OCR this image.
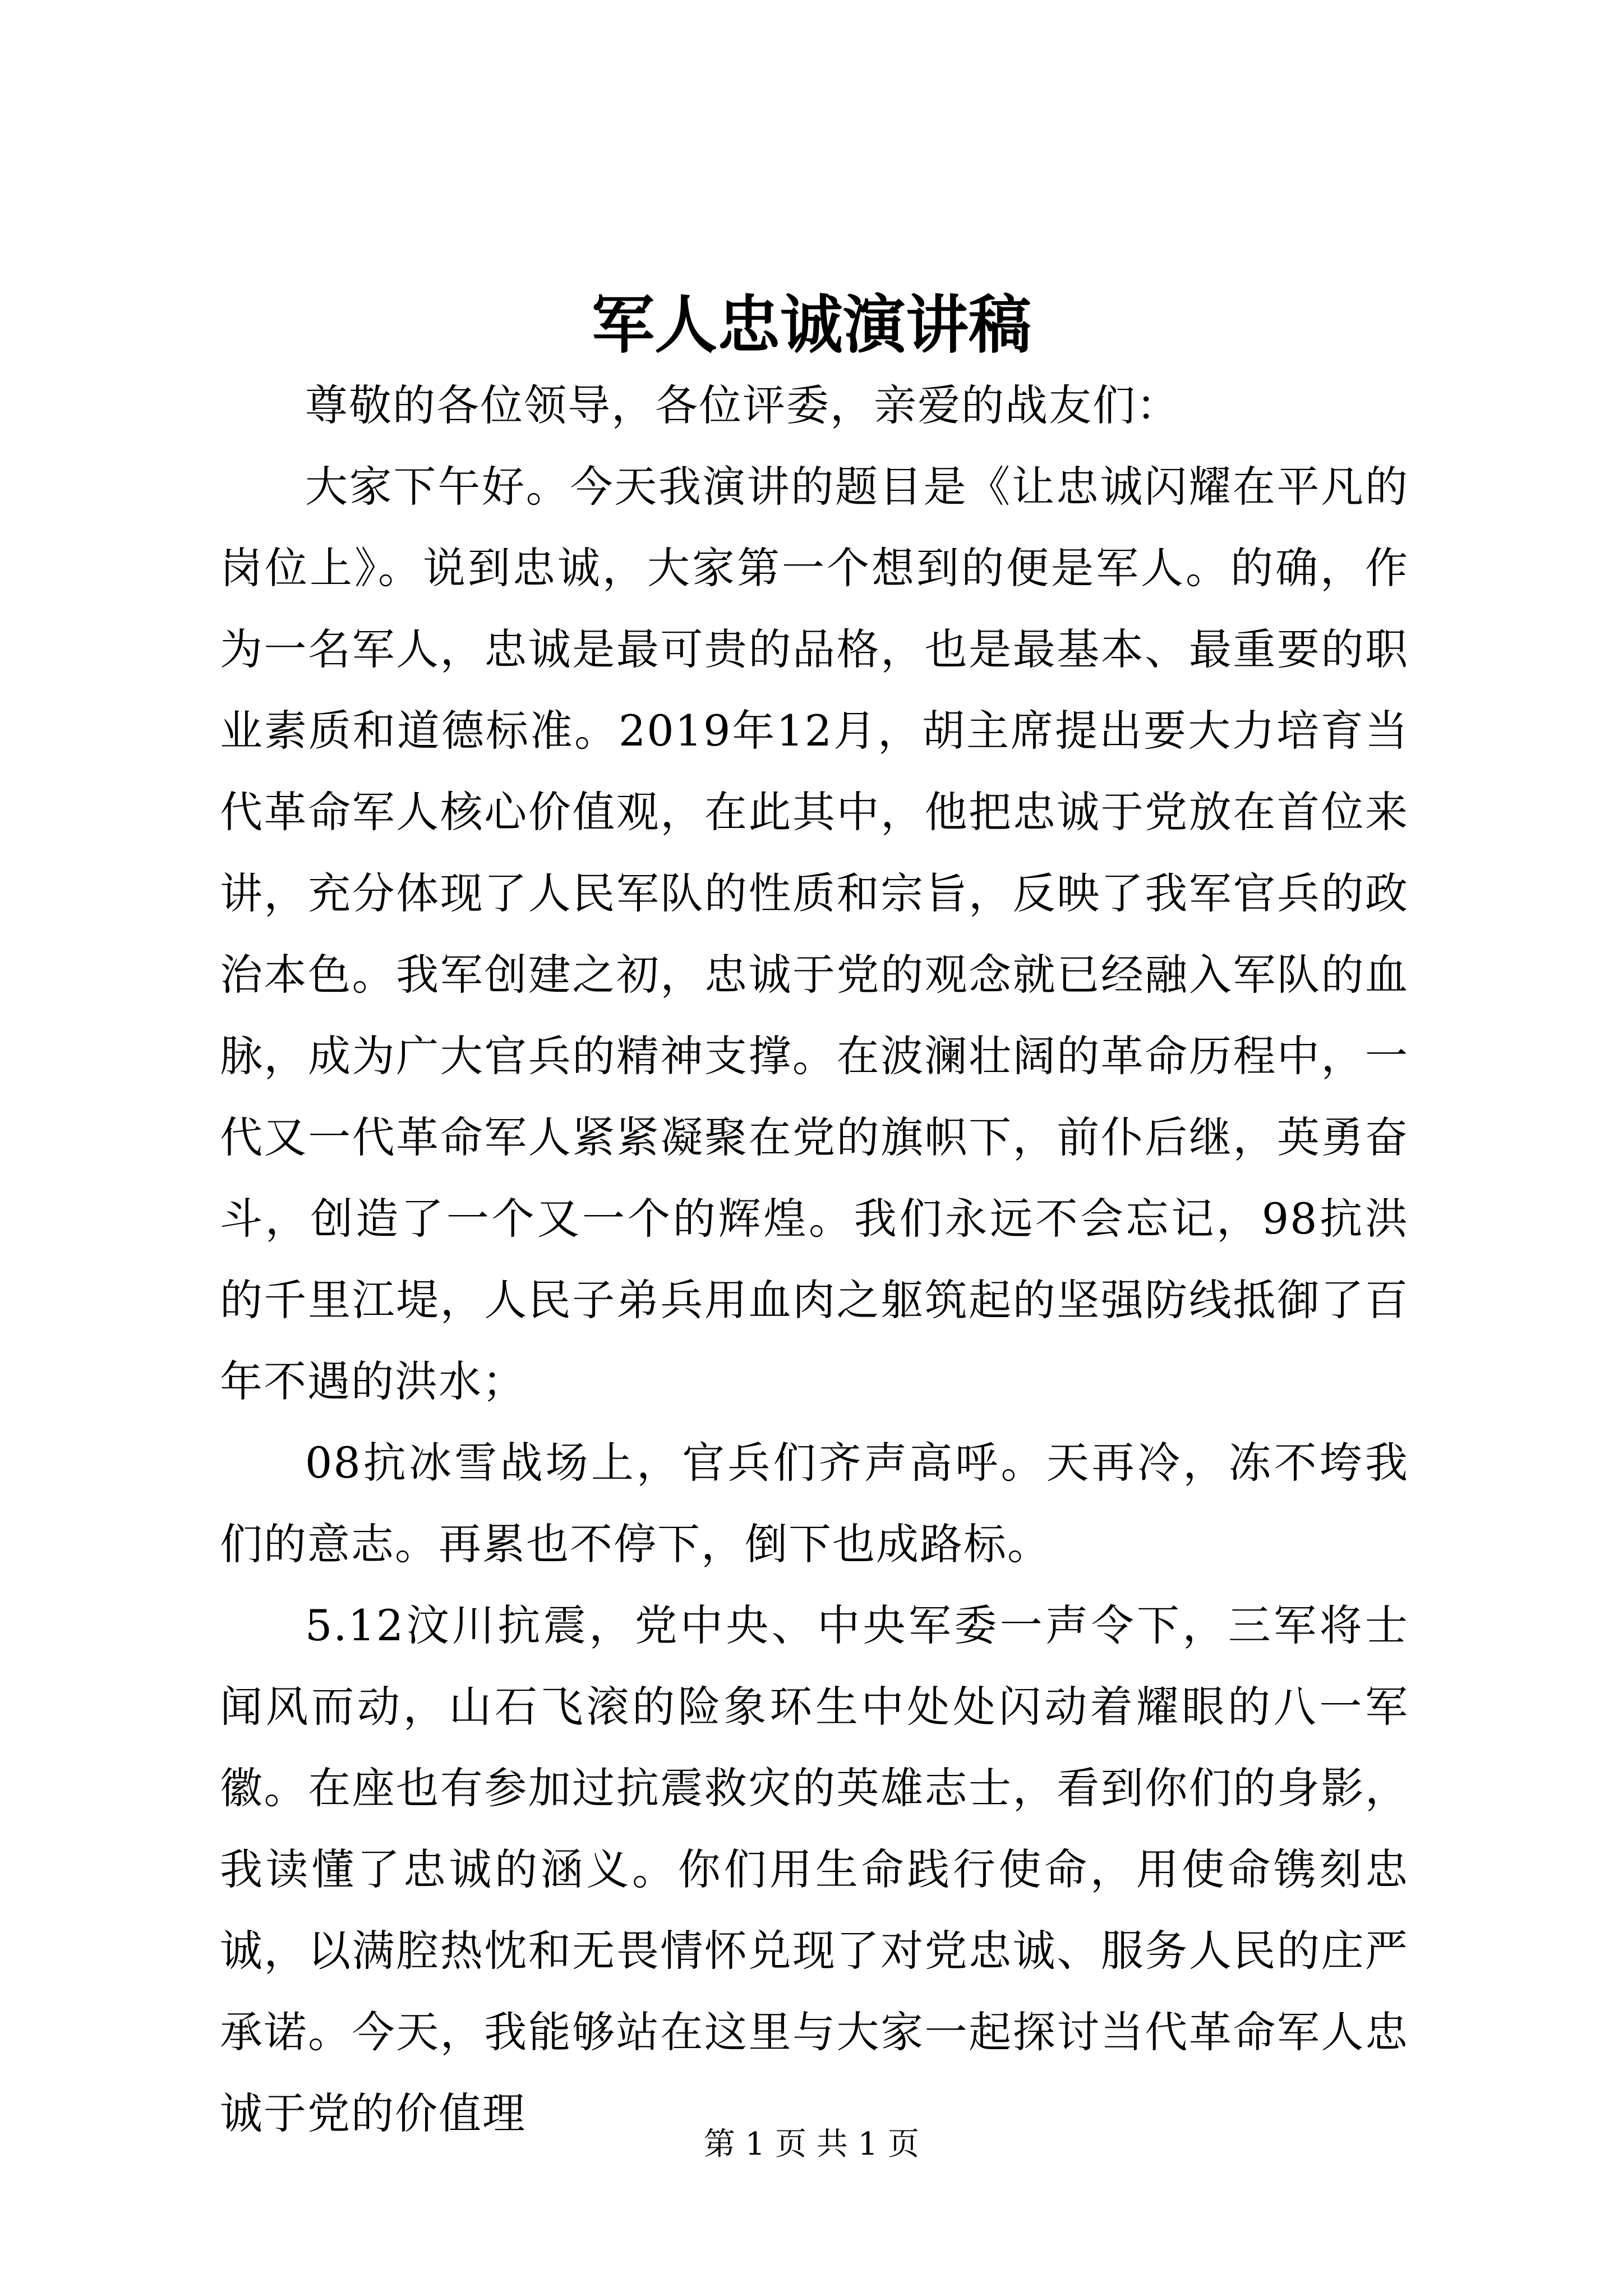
军人忠诚演讲稿

尊敬的各位领导，各位评委，亲爱的战友们：

大家下午好。今天我演讲的题目是《让忠诚闪耀在平凡的岗位上》。说到忠诚，大家第一个想到的便是军人。的确，作为一名军人，忠诚是最可贵的品格，也是最基本、最重要的职业素质和道德标准。2019年12月，胡主席提出要大力培育当代革命军人核心价值观，在此其中，他把忠诚于党放在首位来讲，充分体现了人民军队的性质和宗旨，反映了我军官兵的政治本色。我军创建之初，忠诚于党的观念就已经融入军队的血脉，成为广大官兵的精神支撑。在波澜壮阔的革命历程中，一代又一代革命军人紧紧凝聚在党的旗帜下，前仆后继，英勇奋斗，创造了一个又一个的辉煌。我们永远不会忘记，98抗洪的千里江堤，人民子弟兵用血肉之躯筑起的坚强防线抵御了百年不遇的洪水；

08抗冰雪战场上，官兵们齐声高呼。天再冷，冻不垮我们的意志。再累也不停下，倒下也成路标。

5.12汶川抗震，党中央、中央军委一声令下，三军将士闻风而动，山石飞滚的险象环生中处处闪动着耀眼的八一军徽。在座也有参加过抗震救灾的英雄志士，看到你们的身影，我读懂了忠诚的涵义。你们用生命践行使命，用使命镌刻忠诚，以满腔热忱和无畏情怀兑现了对党忠诚、服务人民的庄严承诺。今天，我能够站在这里与大家一起探讨当代革命军人忠诚于党的价值理

第 1 页 共 1 页
